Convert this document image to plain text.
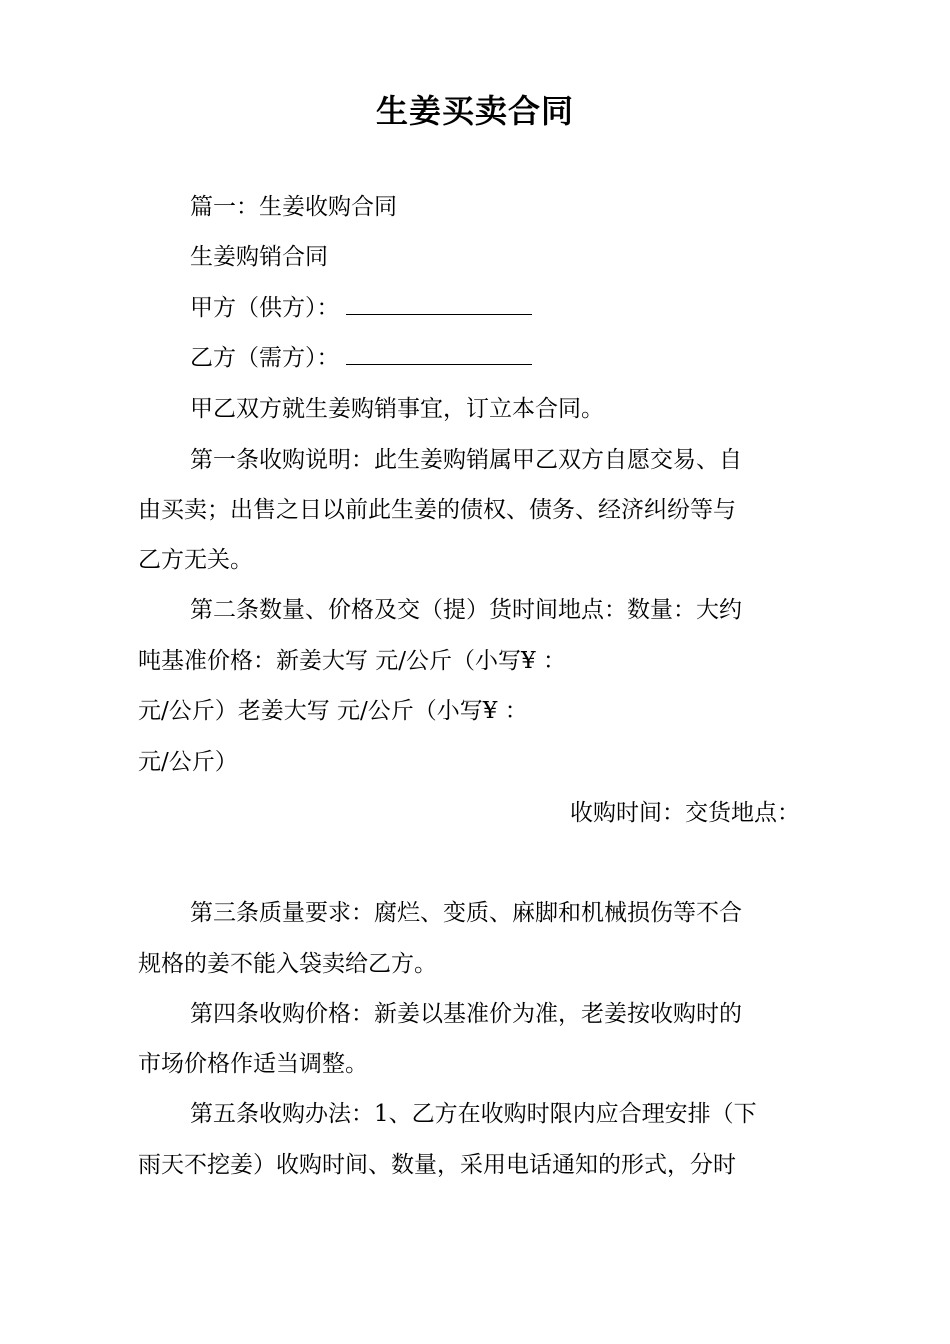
生姜买卖合同
篇一：生姜收购合同
生姜购销合同
甲方（供方）：
乙方（需方）：
甲乙双方就生姜购销事宜，订立本合同。
第一条收购说明：此生姜购销属甲乙双方自愿交易、自
由买卖；出售之日以前此生姜的债权、债务、经济纠纷等与
乙方无关。
第二条数量、价格及交（提）货时间地点：数量：大约
吨基准价格：新姜大写 元/公斤（小写¥ ：
元/公斤）老姜大写 元/公斤（小写¥ ：
元/公斤）
收购时间：交货地点：
第三条质量要求：腐烂、变质、麻脚和机械损伤等不合
规格的姜不能入袋卖给乙方。
第四条收购价格：新姜以基准价为准，老姜按收购时的
市场价格作适当调整。
第五条收购办法：1、乙方在收购时限内应合理安排（下
雨天不挖姜）收购时间、数量，采用电话通知的形式，分时
